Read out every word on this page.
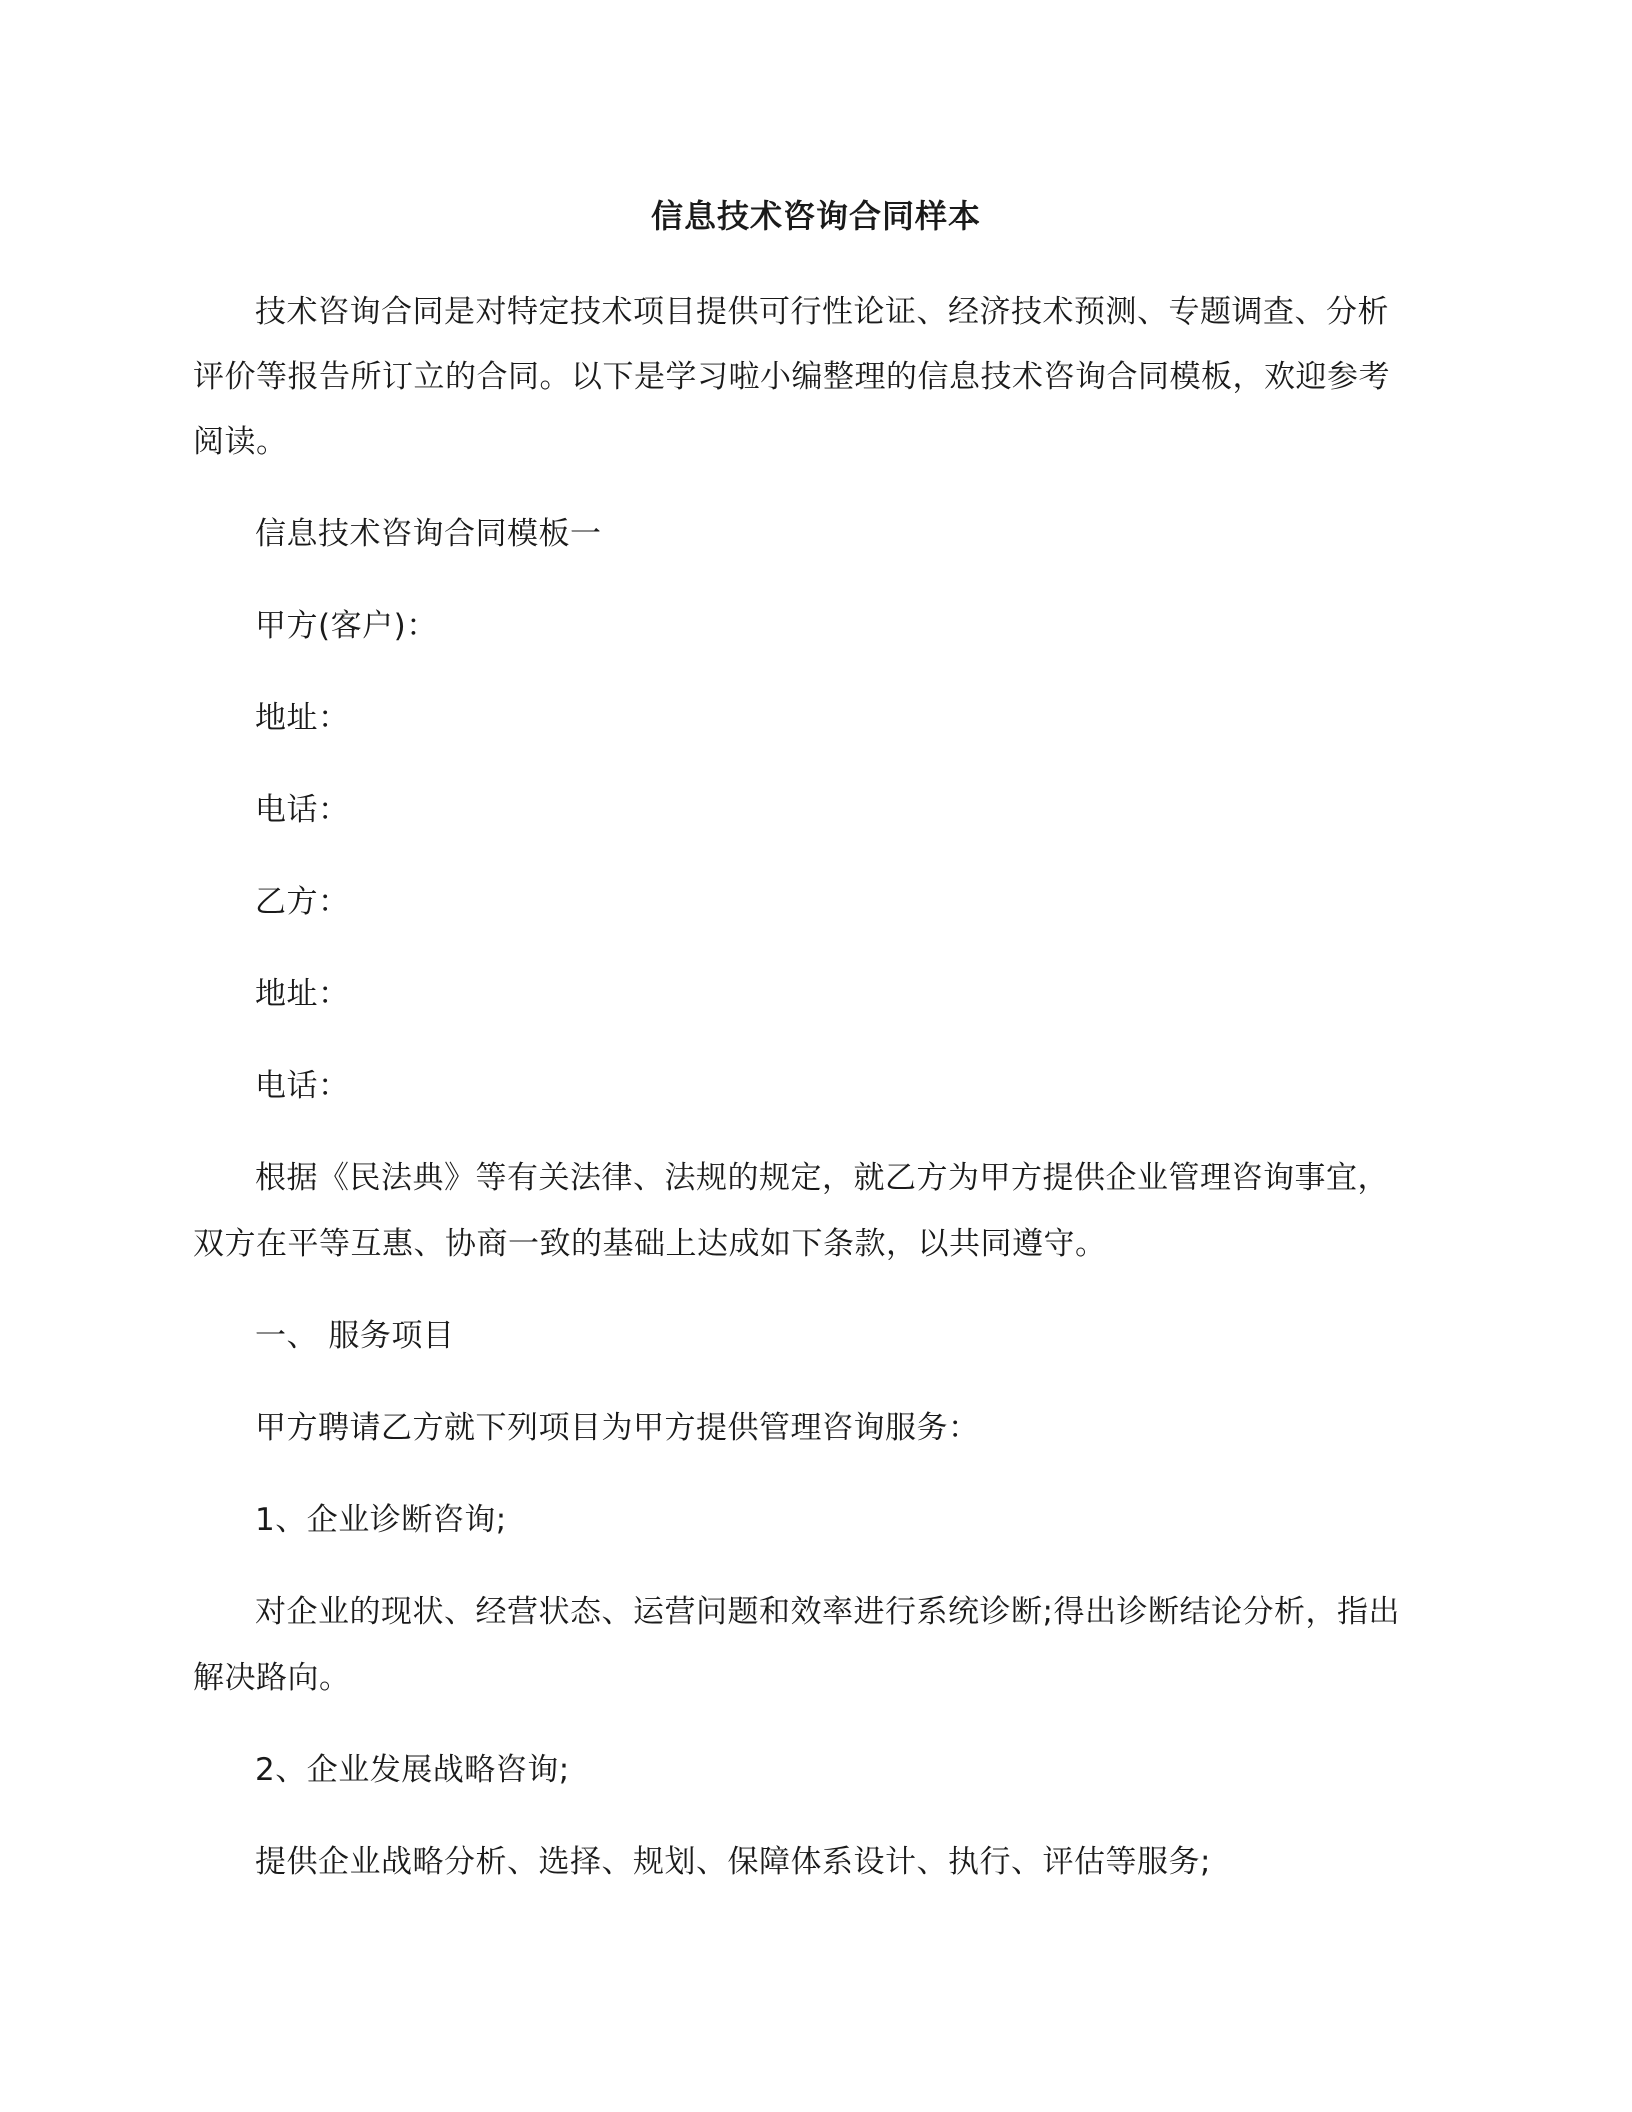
信息技术咨询合同样本

技术咨询合同是对特定技术项目提供可行性论证、经济技术预测、专题调查、分析

评价等报告所订立的合同。以下是学习啦小编整理的信息技术咨询合同模板，欢迎参考

阅读。

信息技术咨询合同模板一

甲方(客户)：

地址：

电话：

乙方：

地址：

电话：

根据《民法典》等有关法律、法规的规定，就乙方为甲方提供企业管理咨询事宜，

双方在平等互惠、协商一致的基础上达成如下条款，以共同遵守。

一、 服务项目

甲方聘请乙方就下列项目为甲方提供管理咨询服务：

1、企业诊断咨询;

对企业的现状、经营状态、运营问题和效率进行系统诊断;得出诊断结论分析，指出

解决路向。

2、企业发展战略咨询;

提供企业战略分析、选择、规划、保障体系设计、执行、评估等服务;
